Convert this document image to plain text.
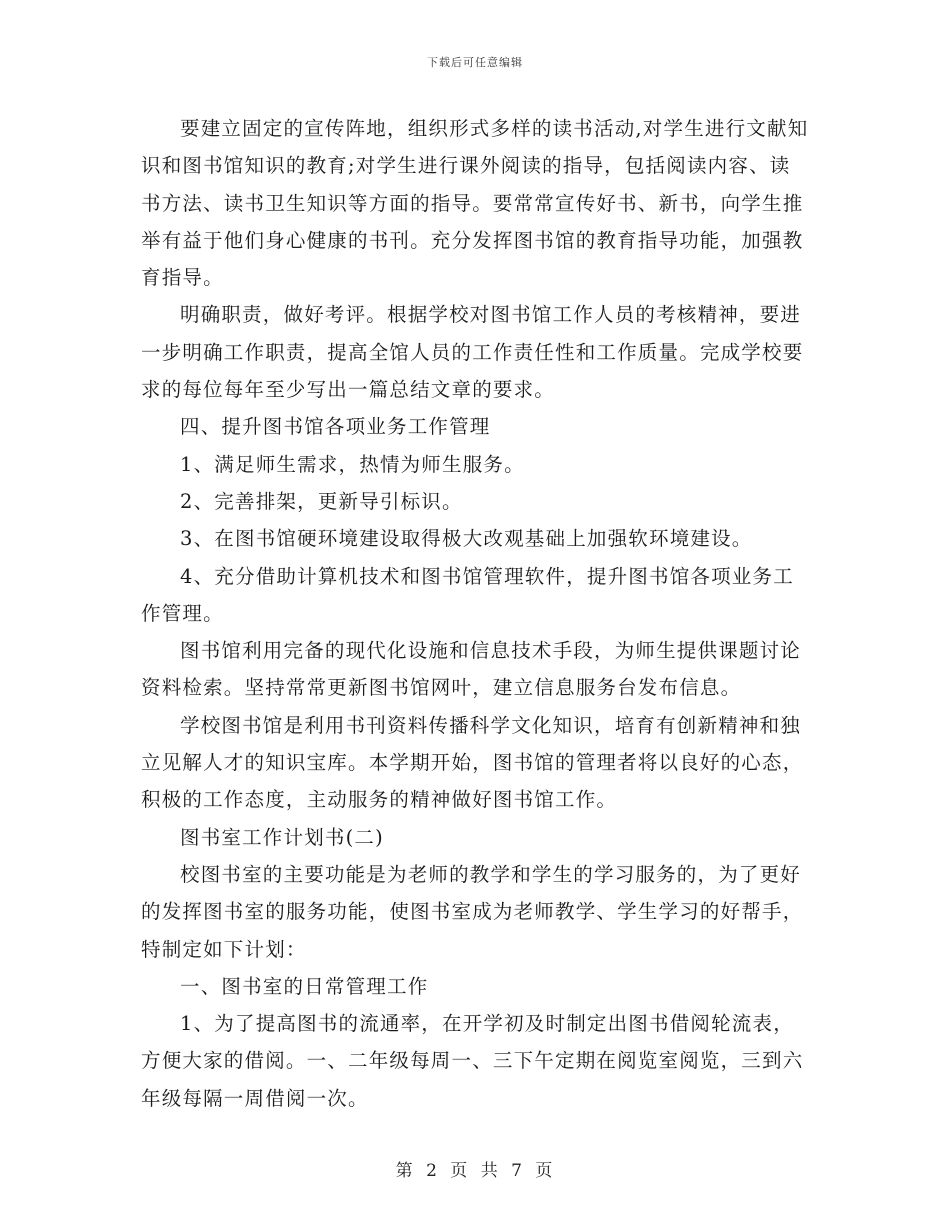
下载后可任意编辑

要建立固定的宣传阵地，组织形式多样的读书活动,对学生进行文献知识和图书馆知识的教育;对学生进行课外阅读的指导，包括阅读内容、读书方法、读书卫生知识等方面的指导。要常常宣传好书、新书，向学生推举有益于他们身心健康的书刊。充分发挥图书馆的教育指导功能，加强教育指导。

明确职责，做好考评。根据学校对图书馆工作人员的考核精神，要进一步明确工作职责，提高全馆人员的工作责任性和工作质量。完成学校要求的每位每年至少写出一篇总结文章的要求。

四、提升图书馆各项业务工作管理

1、满足师生需求，热情为师生服务。

2、完善排架，更新导引标识。

3、在图书馆硬环境建设取得极大改观基础上加强软环境建设。

4、充分借助计算机技术和图书馆管理软件，提升图书馆各项业务工作管理。

图书馆利用完备的现代化设施和信息技术手段，为师生提供课题讨论资料检索。坚持常常更新图书馆网叶，建立信息服务台发布信息。

学校图书馆是利用书刊资料传播科学文化知识，培育有创新精神和独立见解人才的知识宝库。本学期开始，图书馆的管理者将以良好的心态，积极的工作态度，主动服务的精神做好图书馆工作。

图书室工作计划书(二)

校图书室的主要功能是为老师的教学和学生的学习服务的，为了更好的发挥图书室的服务功能，使图书室成为老师教学、学生学习的好帮手，特制定如下计划：

一、图书室的日常管理工作

1、为了提高图书的流通率，在开学初及时制定出图书借阅轮流表，方便大家的借阅。一、二年级每周一、三下午定期在阅览室阅览，三到六年级每隔一周借阅一次。

第 2 页 共 7 页
